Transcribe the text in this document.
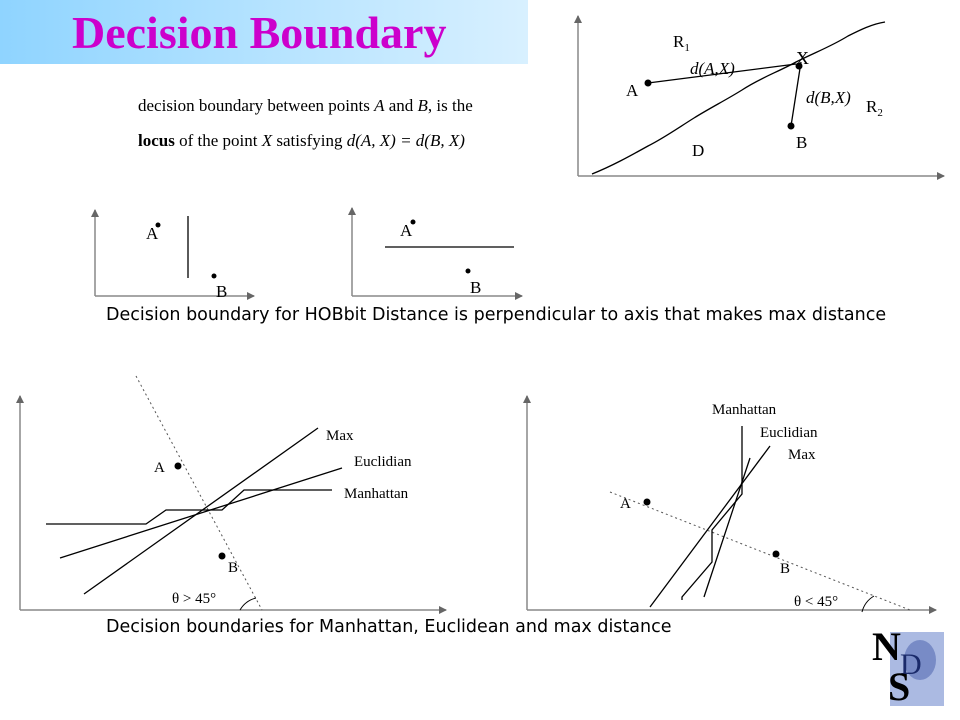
Decision Boundary
decision boundary between points A and B, is the
locus of the point X satisfying d(A, X) = d(B, X)
Decision boundary for HOBbit Distance is perpendicular to axis that makes max distance
Decision boundaries for Manhattan, Euclidean and max distance
$R_1$
$R_2$
A
B
X
D
d(A,X)
d(B,X)
A
B
A
B
A
B
Max
Euclidian
Manhattan
θ > 45°
A
B
Manhattan
Euclidian
Max
θ < 45°
N D
S
